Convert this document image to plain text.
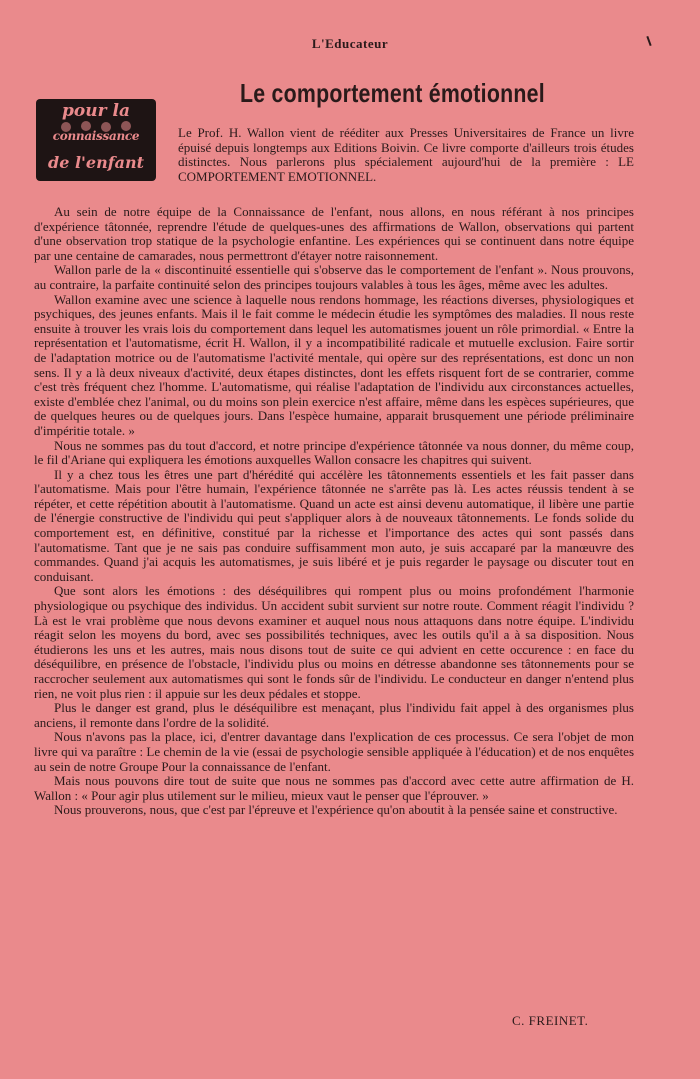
L'Educateur
Le comportement émotionnel
pour la
connaissance
de l'enfant
Le Prof. H. Wallon vient de rééditer aux Presses Universitaires de France un livre épuisé depuis longtemps aux Editions Boivin. Ce livre comporte d'ailleurs trois études distinctes. Nous parlerons plus spécialement aujourd'hui de la première : LE COMPORTEMENT EMOTIONNEL.

Au sein de notre équipe de la Connaissance de l'enfant, nous allons, en nous référant à nos principes d'expérience tâtonnée, reprendre l'étude de quelques-unes des affirmations de Wallon, observations qui partent d'une observation trop statique de la psychologie enfantine. Les expériences qui se continuent dans notre équipe par une centaine de camarades, nous permettront d'étayer notre raisonnement.

Wallon parle de la « discontinuité essentielle qui s'observe das le comportement de l'enfant ». Nous prouvons, au contraire, la parfaite continuité selon des principes toujours valables à tous les âges, même avec les adultes.

Wallon examine avec une science à laquelle nous rendons hommage, les réactions diverses, physiologiques et psychiques, des jeunes enfants. Mais il le fait comme le médecin étudie les symptômes des maladies. Il nous reste ensuite à trouver les vrais lois du comportement dans lequel les automatismes jouent un rôle primordial. « Entre la représentation et l'automatisme, écrit H. Wallon, il y a incompatibilité radicale et mutuelle exclusion. Faire sortir de l'adaptation motrice ou de l'automatisme l'activité mentale, qui opère sur des représentations, est donc un non sens. Il y a là deux niveaux d'activité, deux étapes distinctes, dont les effets risquent fort de se contrarier, comme c'est très fréquent chez l'homme. L'automatisme, qui réalise l'adaptation de l'individu aux circonstances actuelles, existe d'emblée chez l'animal, ou du moins son plein exercice n'est affaire, même dans les espèces supérieures, que de quelques heures ou de quelques jours. Dans l'espèce humaine, apparait brusquement une période préliminaire d'impéritie totale. »

Nous ne sommes pas du tout d'accord, et notre principe d'expérience tâtonnée va nous donner, du même coup, le fil d'Ariane qui expliquera les émotions auxquelles Wallon consacre les chapitres qui suivent.

Il y a chez tous les êtres une part d'hérédité qui accélère les tâtonnements essentiels et les fait passer dans l'automatisme. Mais pour l'être humain, l'expérience tâtonnée ne s'arrête pas là. Les actes réussis tendent à se répéter, et cette répétition aboutit à l'automatisme. Quand un acte est ainsi devenu automatique, il libère une partie de l'énergie constructive de l'individu qui peut s'appliquer alors à de nouveaux tâtonnements. Le fonds solide du comportement est, en définitive, constitué par la richesse et l'importance des actes qui sont passés dans l'automatisme. Tant que je ne sais pas conduire suffisamment mon auto, je suis accaparé par la manœuvre des commandes. Quand j'ai acquis les automatismes, je suis libéré et je puis regarder le paysage ou discuter tout en conduisant.

Que sont alors les émotions : des déséquilibres qui rompent plus ou moins profondément l'harmonie physiologique ou psychique des individus. Un accident subit survient sur notre route. Comment réagit l'individu ? Là est le vrai problème que nous devons examiner et auquel nous nous attaquons dans notre équipe. L'individu réagit selon les moyens du bord, avec ses possibilités techniques, avec les outils qu'il a à sa disposition. Nous étudierons les uns et les autres, mais nous disons tout de suite ce qui advient en cette occurence : en face du déséquilibre, en présence de l'obstacle, l'individu plus ou moins en détresse abandonne ses tâtonnements pour se raccrocher seulement aux automatismes qui sont le fonds sûr de l'individu. Le conducteur en danger n'entend plus rien, ne voit plus rien : il appuie sur les deux pédales et stoppe.

Plus le danger est grand, plus le déséquilibre est menaçant, plus l'individu fait appel à des organismes plus anciens, il remonte dans l'ordre de la solidité.

Nous n'avons pas la place, ici, d'entrer davantage dans l'explication de ces processus. Ce sera l'objet de mon livre qui va paraître : Le chemin de la vie (essai de psychologie sensible appliquée à l'éducation) et de nos enquêtes au sein de notre Groupe Pour la connaissance de l'enfant.

Mais nous pouvons dire tout de suite que nous ne sommes pas d'accord avec cette autre affirmation de H. Wallon : « Pour agir plus utilement sur le milieu, mieux vaut le penser que l'éprouver. »

Nous prouverons, nous, que c'est par l'épreuve et l'expérience qu'on aboutit à la pensée saine et constructive.

C. FREINET.
